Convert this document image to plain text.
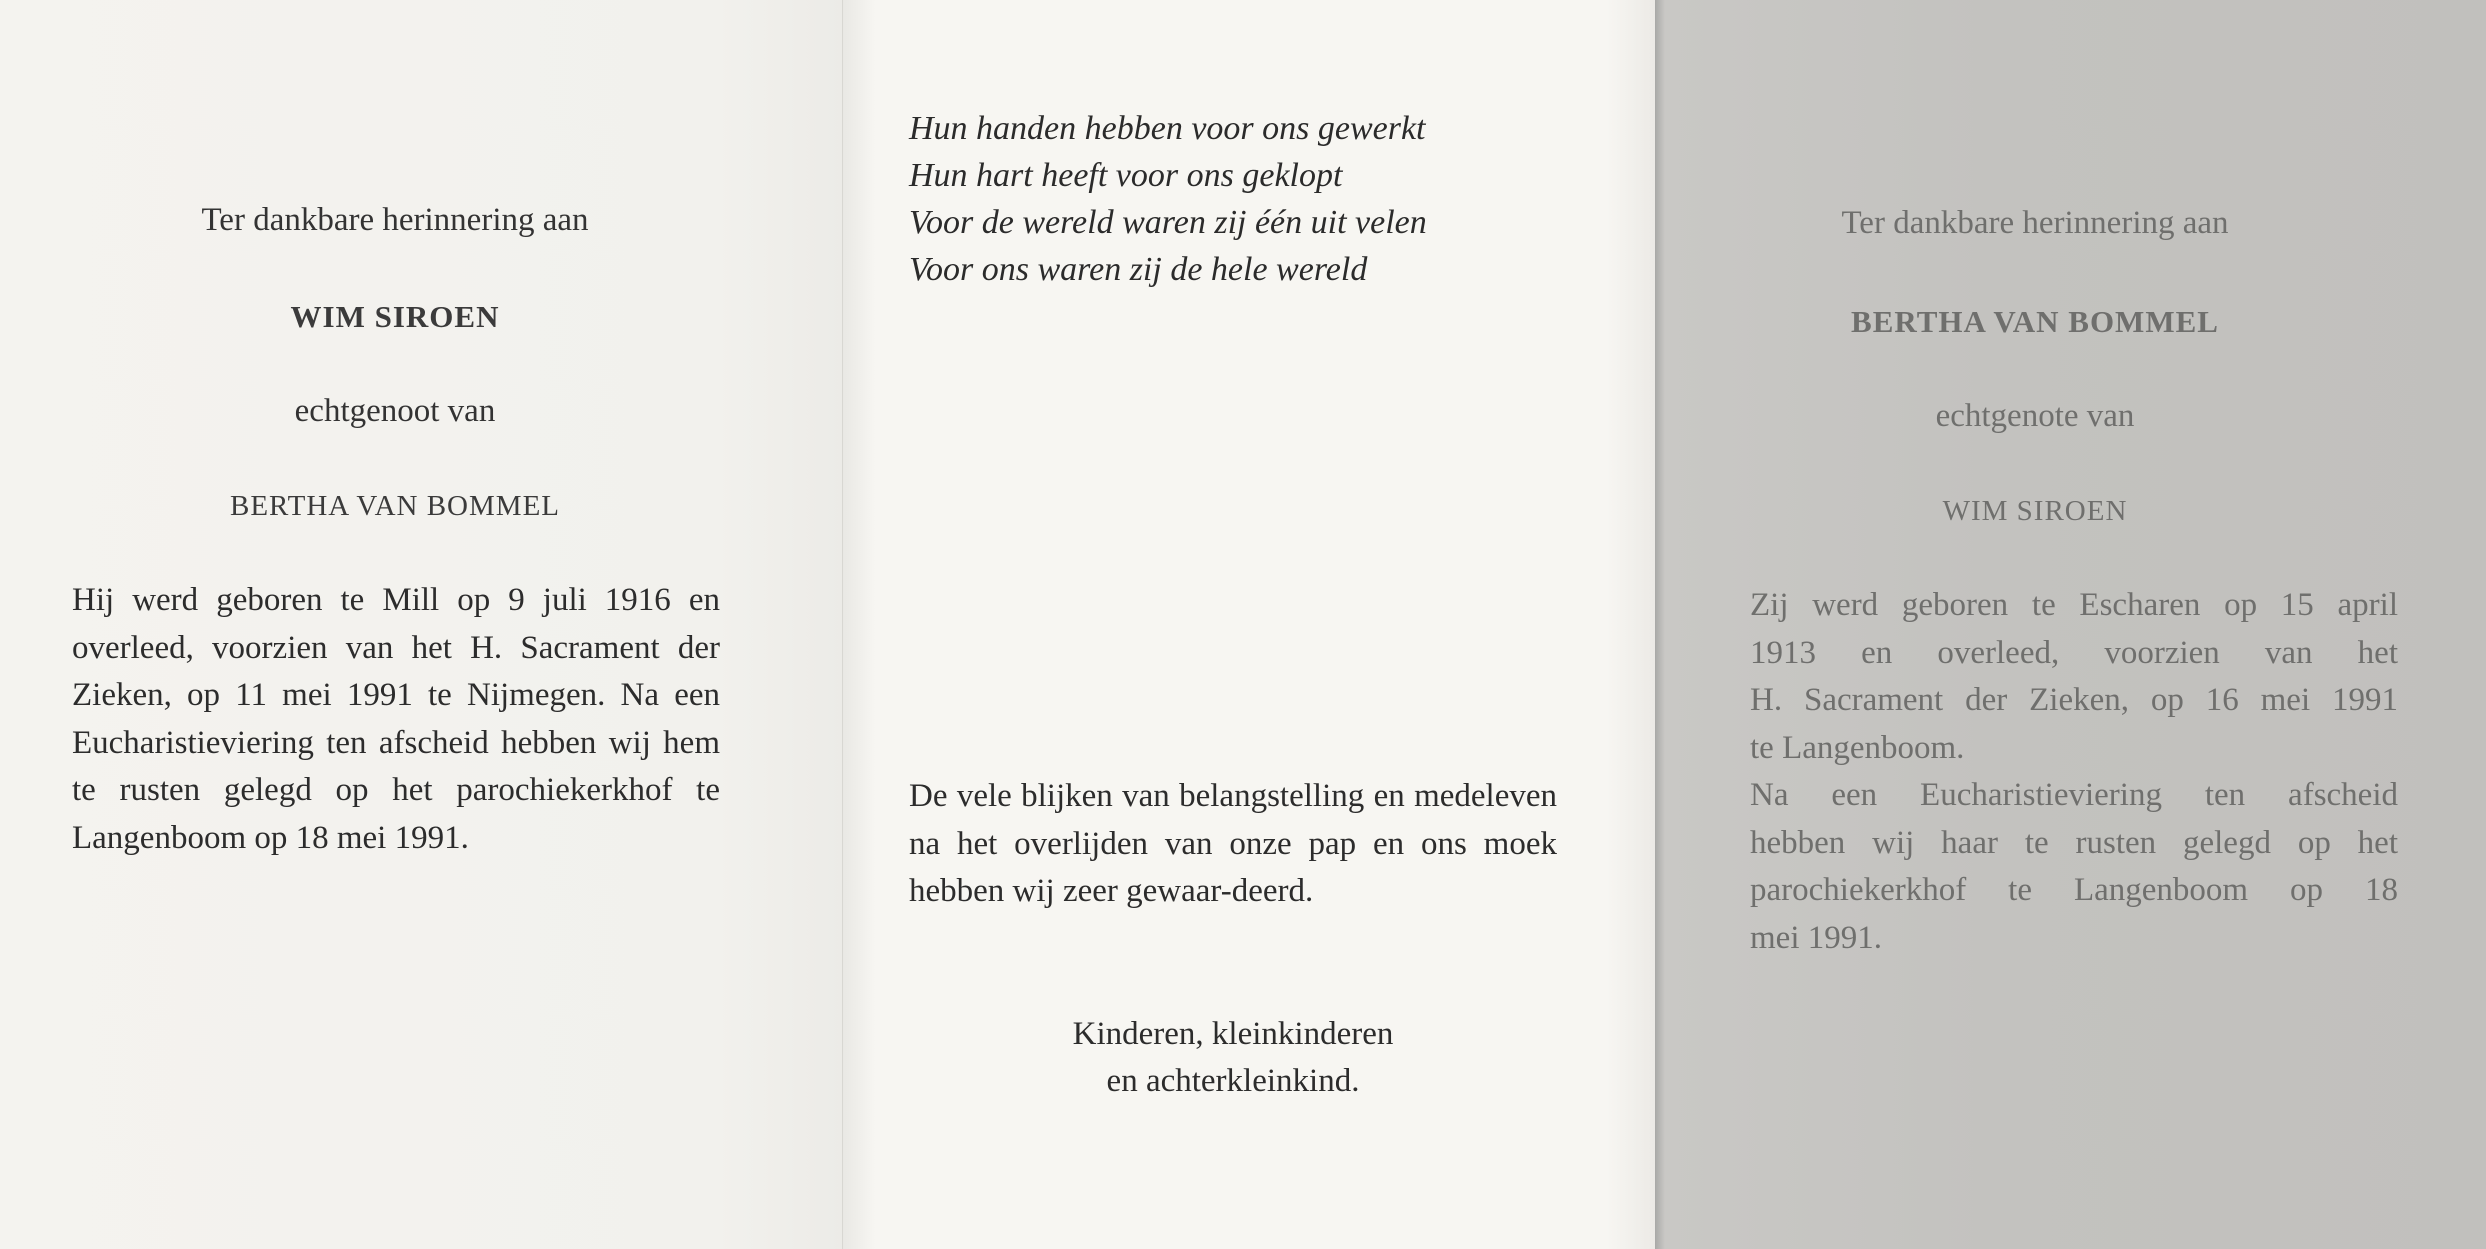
Ter dankbare herinnering aan
WIM SIROEN
echtgenoot van
BERTHA VAN BOMMEL
Hij werd geboren te Mill op 9 juli 1916 en overleed, voorzien van het H. Sacrament der Zieken, op 11 mei 1991 te Nijmegen. Na een Eucharistieviering ten afscheid hebben wij hem te rusten gelegd op het parochiekerkhof te Langenboom op 18 mei 1991.
Hun handen hebben voor ons gewerkt
Hun hart heeft voor ons geklopt
Voor de wereld waren zij één uit velen
Voor ons waren zij de hele wereld
De vele blijken van belangstelling en medeleven na het overlijden van onze pap en ons moek hebben wij zeer gewaar-deerd.
Kinderen, kleinkinderen
en achterkleinkind.
Ter dankbare herinnering aan
BERTHA VAN BOMMEL
echtgenote van
WIM SIROEN
Zij werd geboren te Escharen op 15 april
1913 en overleed, voorzien van het
H. Sacrament der Zieken, op 16 mei 1991
te Langenboom.
Na een Eucharistieviering ten afscheid
hebben wij haar te rusten gelegd op het
parochiekerkhof te Langenboom op 18
mei 1991.
